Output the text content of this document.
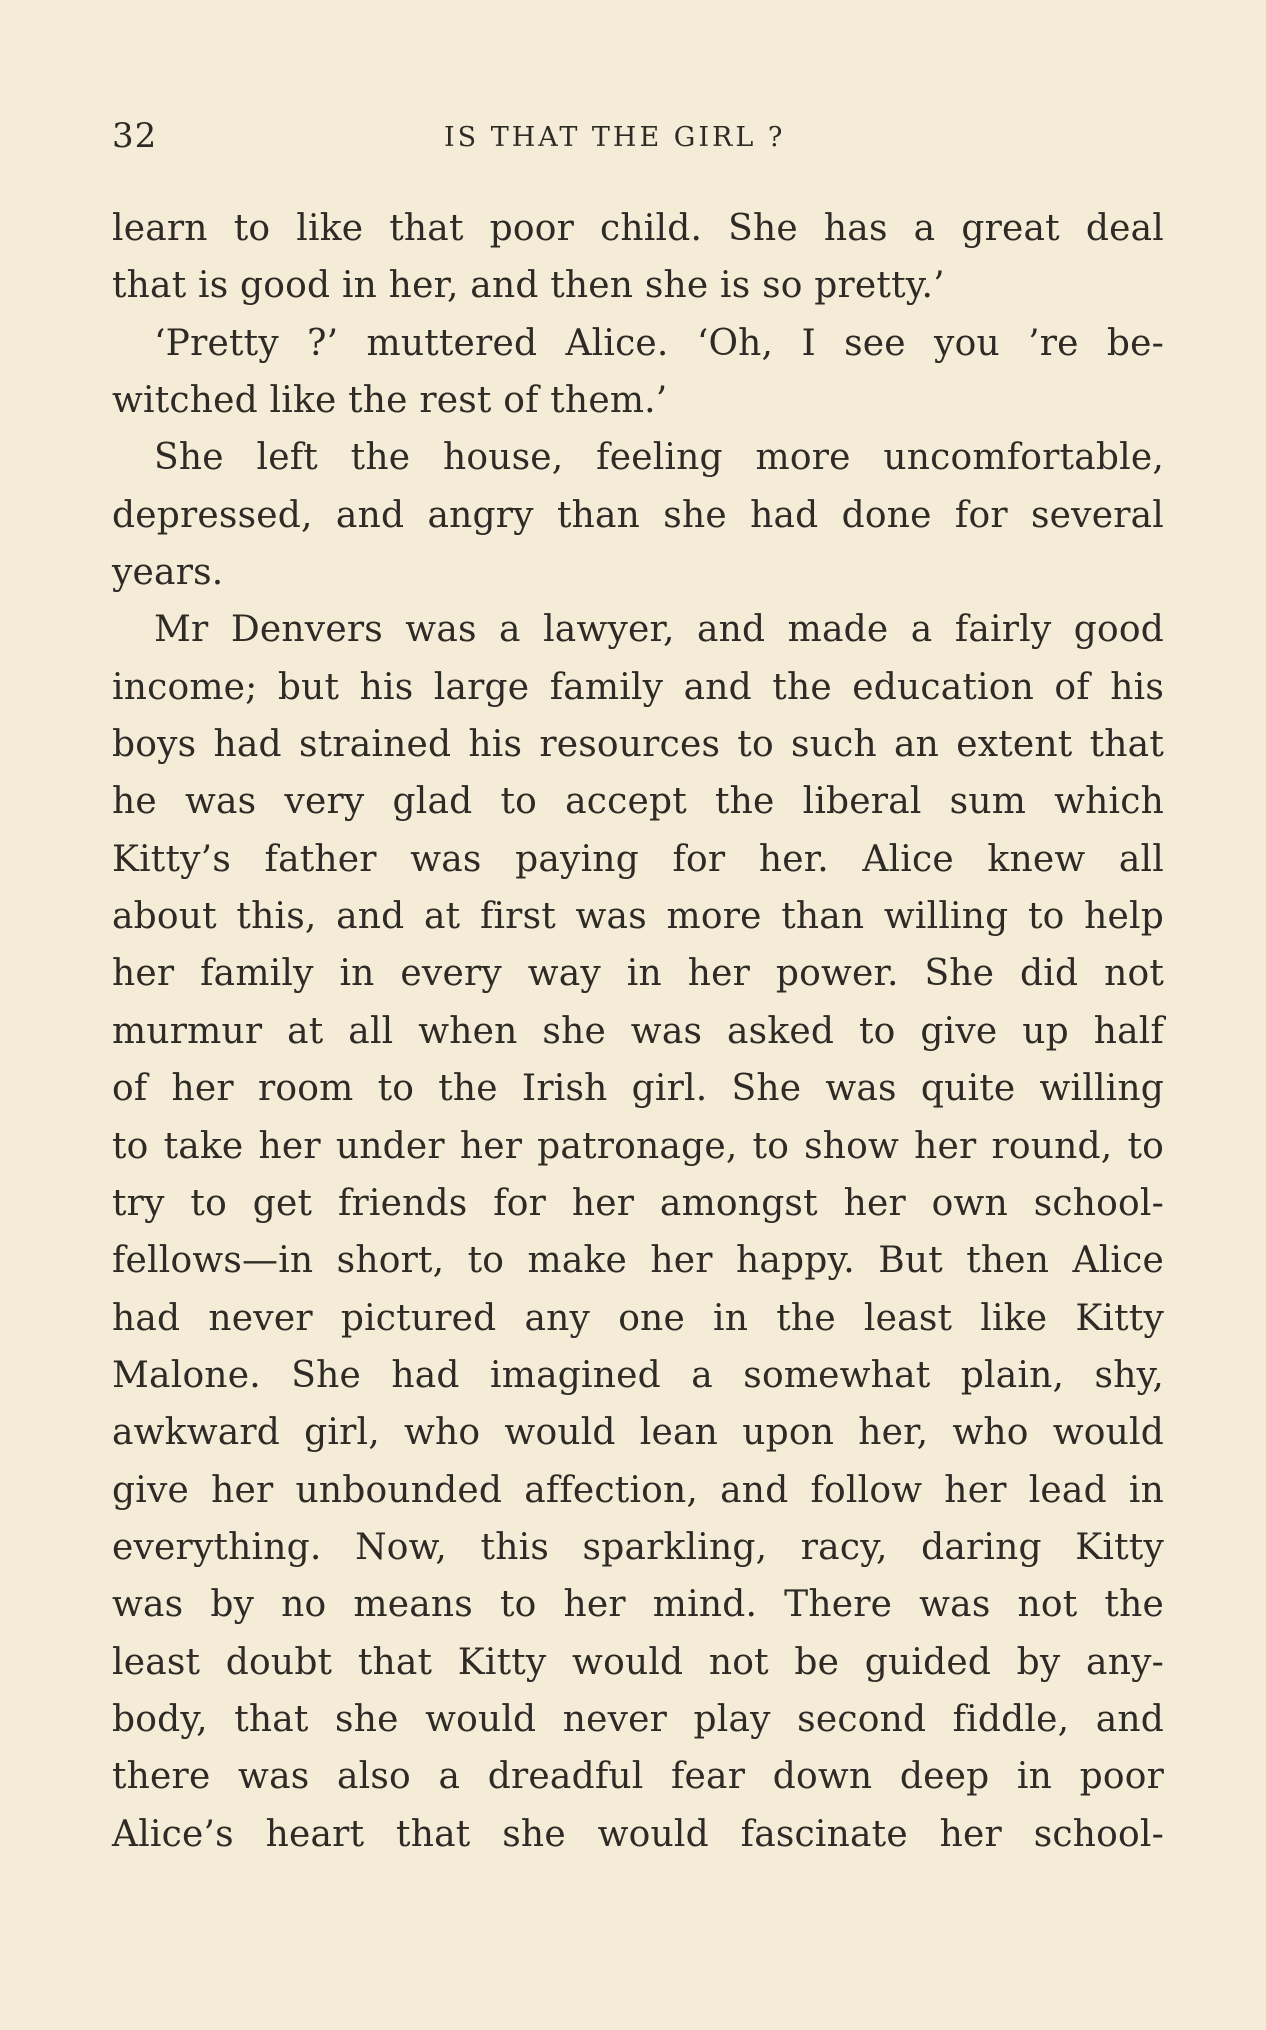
32	IS THAT THE GIRL ?
learn to like that poor child. She has a great deal
that is good in her, and then she is so pretty.’
‘Pretty ?’ muttered Alice. ‘Oh, I see you ’re be-
witched like the rest of them.’
She left the house, feeling more uncomfortable,
depressed, and angry than she had done for several
years.
Mr Denvers was a lawyer, and made a fairly good
income; but his large family and the education of his
boys had strained his resources to such an extent that
he was very glad to accept the liberal sum which
Kitty’s father was paying for her. Alice knew all
about this, and at first was more than willing to help
her family in every way in her power. She did not
murmur at all when she was asked to give up half
of her room to the Irish girl. She was quite willing
to take her under her patronage, to show her round, to
try to get friends for her amongst her own school-
fellows—in short, to make her happy. But then Alice
had never pictured any one in the least like Kitty
Malone. She had imagined a somewhat plain, shy,
awkward girl, who would lean upon her, who would
give her unbounded affection, and follow her lead in
everything. Now, this sparkling, racy, daring Kitty
was by no means to her mind. There was not the
least doubt that Kitty would not be guided by any-
body, that she would never play second fiddle, and
there was also a dreadful fear down deep in poor
Alice’s heart that she would fascinate her school-
